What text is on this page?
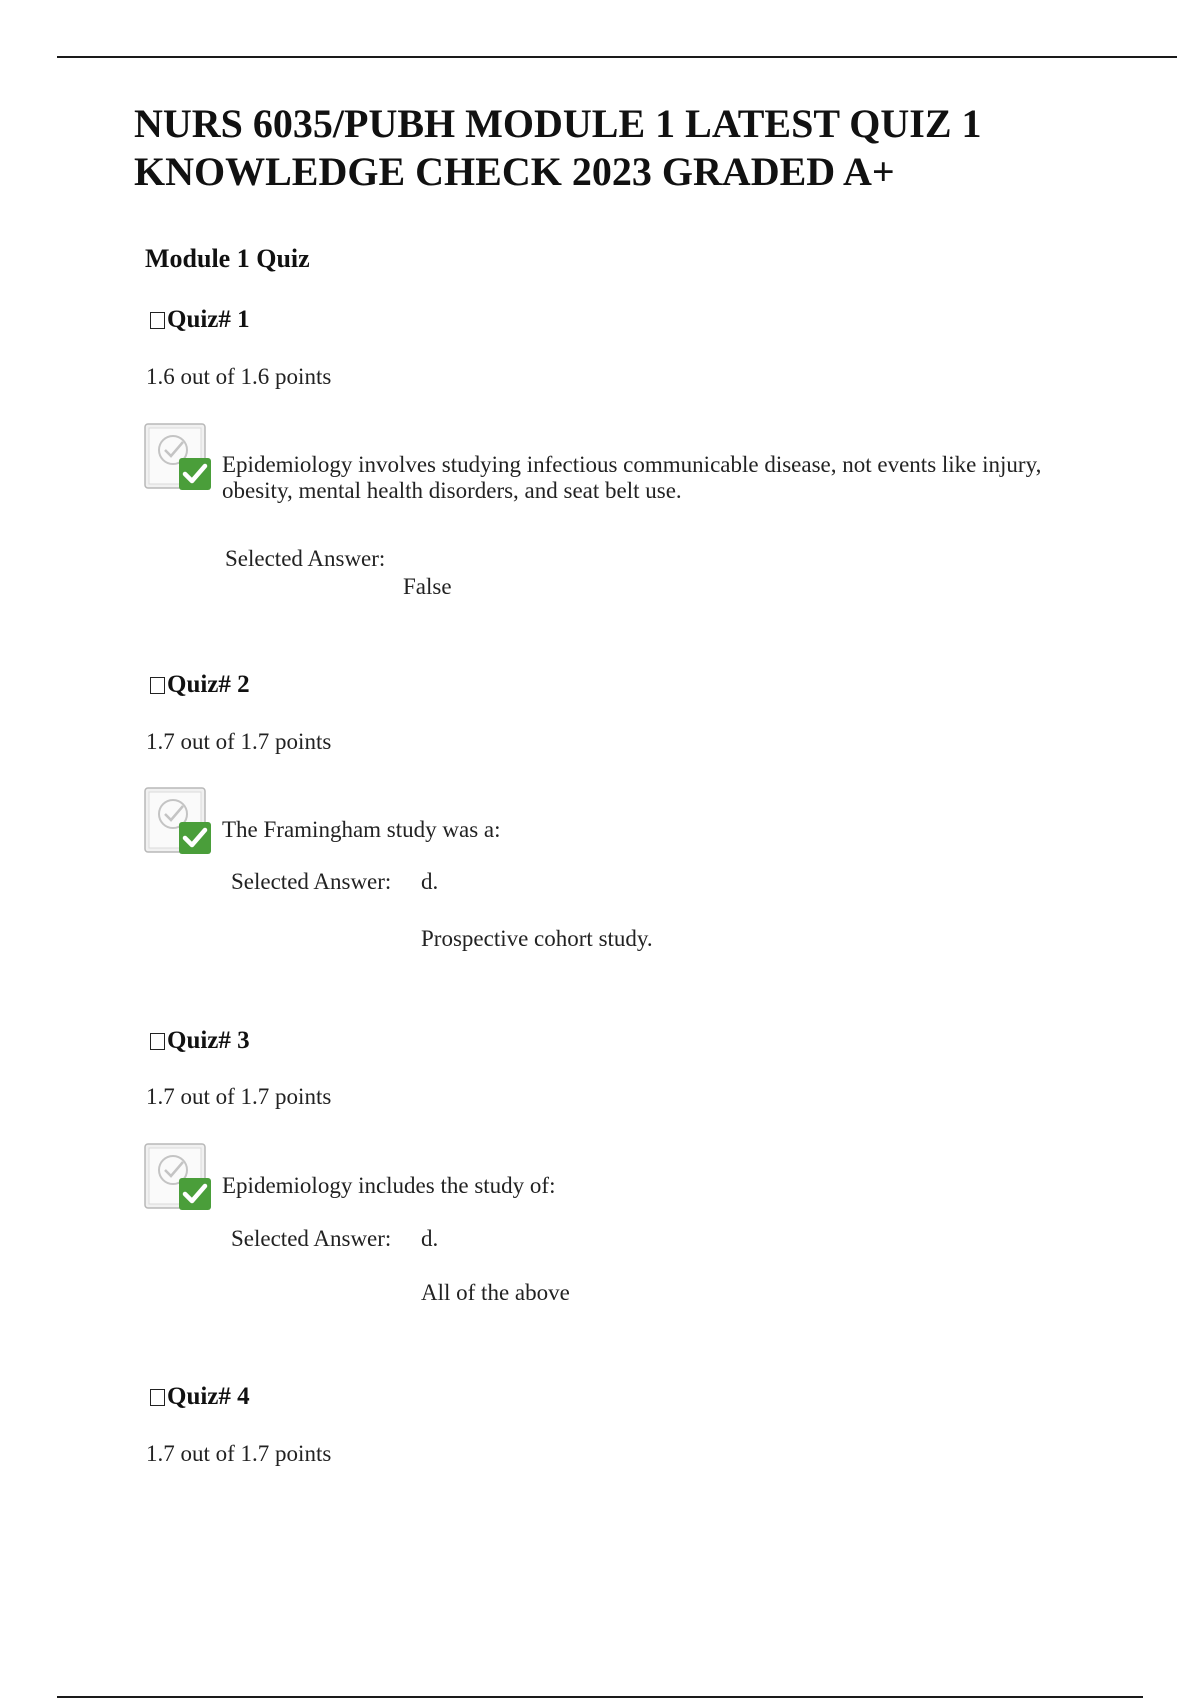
NURS 6035/PUBH MODULE 1 LATEST QUIZ 1
KNOWLEDGE CHECK 2023 GRADED A+
Module 1 Quiz
Quiz# 1
1.6 out of 1.6 points
Epidemiology involves studying infectious communicable disease, not events like injury, obesity, mental health disorders, and seat belt use.
Selected Answer:
False
Quiz# 2
1.7 out of 1.7 points
The Framingham study was a:
Selected Answer: d.
Prospective cohort study.
Quiz# 3
1.7 out of 1.7 points
Epidemiology includes the study of:
Selected Answer: d.
All of the above
Quiz# 4
1.7 out of 1.7 points
